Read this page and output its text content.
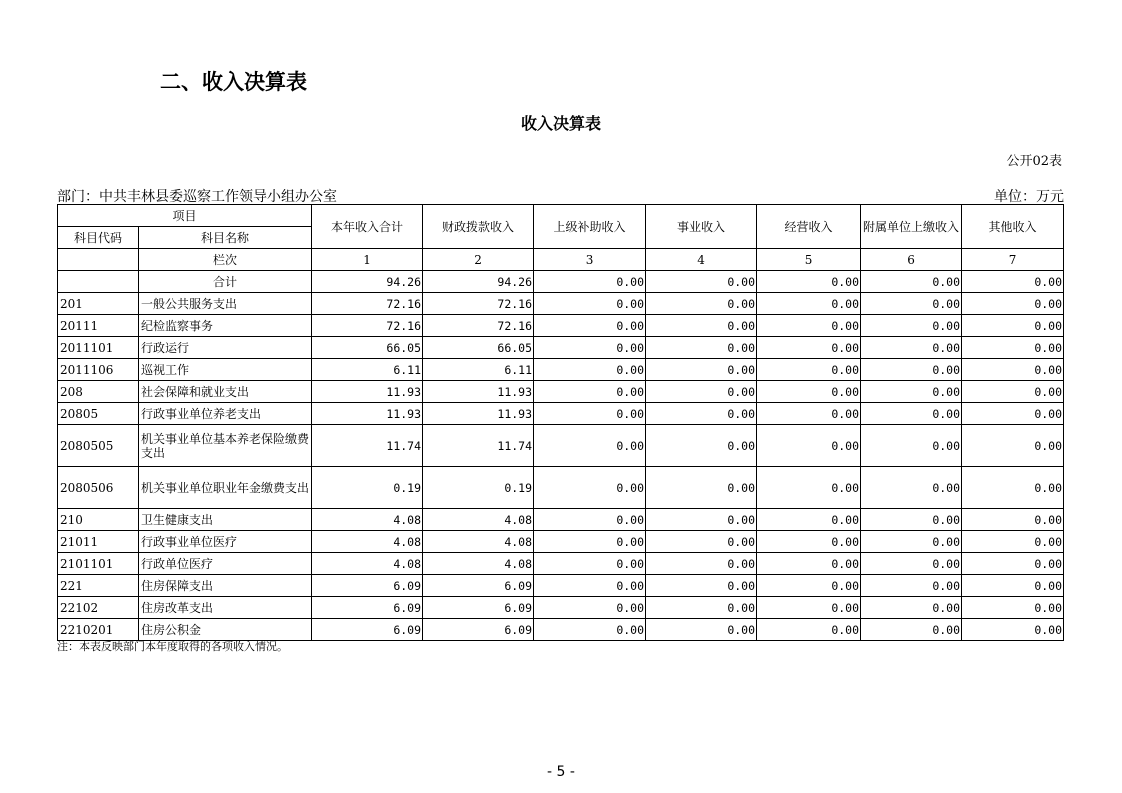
二、收入决算表
收入决算表
公开02表
部门：中共丰林县委巡察工作领导小组办公室	单位：万元
项目		本年收入合计	财政拨款收入	上级补助收入	事业收入	经营收入	附属单位上缴收入	其他收入
科目代码	科目名称							
	栏次	1	2	3	4	5	6	7
	合计	94.26	94.26	0.00	0.00	0.00	0.00	0.00
201	一般公共服务支出	72.16	72.16	0.00	0.00	0.00	0.00	0.00
20111	纪检监察事务	72.16	72.16	0.00	0.00	0.00	0.00	0.00
2011101	行政运行	66.05	66.05	0.00	0.00	0.00	0.00	0.00
2011106	巡视工作	6.11	6.11	0.00	0.00	0.00	0.00	0.00
208	社会保障和就业支出	11.93	11.93	0.00	0.00	0.00	0.00	0.00
20805	行政事业单位养老支出	11.93	11.93	0.00	0.00	0.00	0.00	0.00
2080505	机关事业单位基本养老保险缴费支出	11.74	11.74	0.00	0.00	0.00	0.00	0.00
2080506	机关事业单位职业年金缴费支出	0.19	0.19	0.00	0.00	0.00	0.00	0.00
210	卫生健康支出	4.08	4.08	0.00	0.00	0.00	0.00	0.00
21011	行政事业单位医疗	4.08	4.08	0.00	0.00	0.00	0.00	0.00
2101101	行政单位医疗	4.08	4.08	0.00	0.00	0.00	0.00	0.00
221	住房保障支出	6.09	6.09	0.00	0.00	0.00	0.00	0.00
22102	住房改革支出	6.09	6.09	0.00	0.00	0.00	0.00	0.00
2210201	住房公积金	6.09	6.09	0.00	0.00	0.00	0.00	0.00
注：本表反映部门本年度取得的各项收入情况。
- 5 -
